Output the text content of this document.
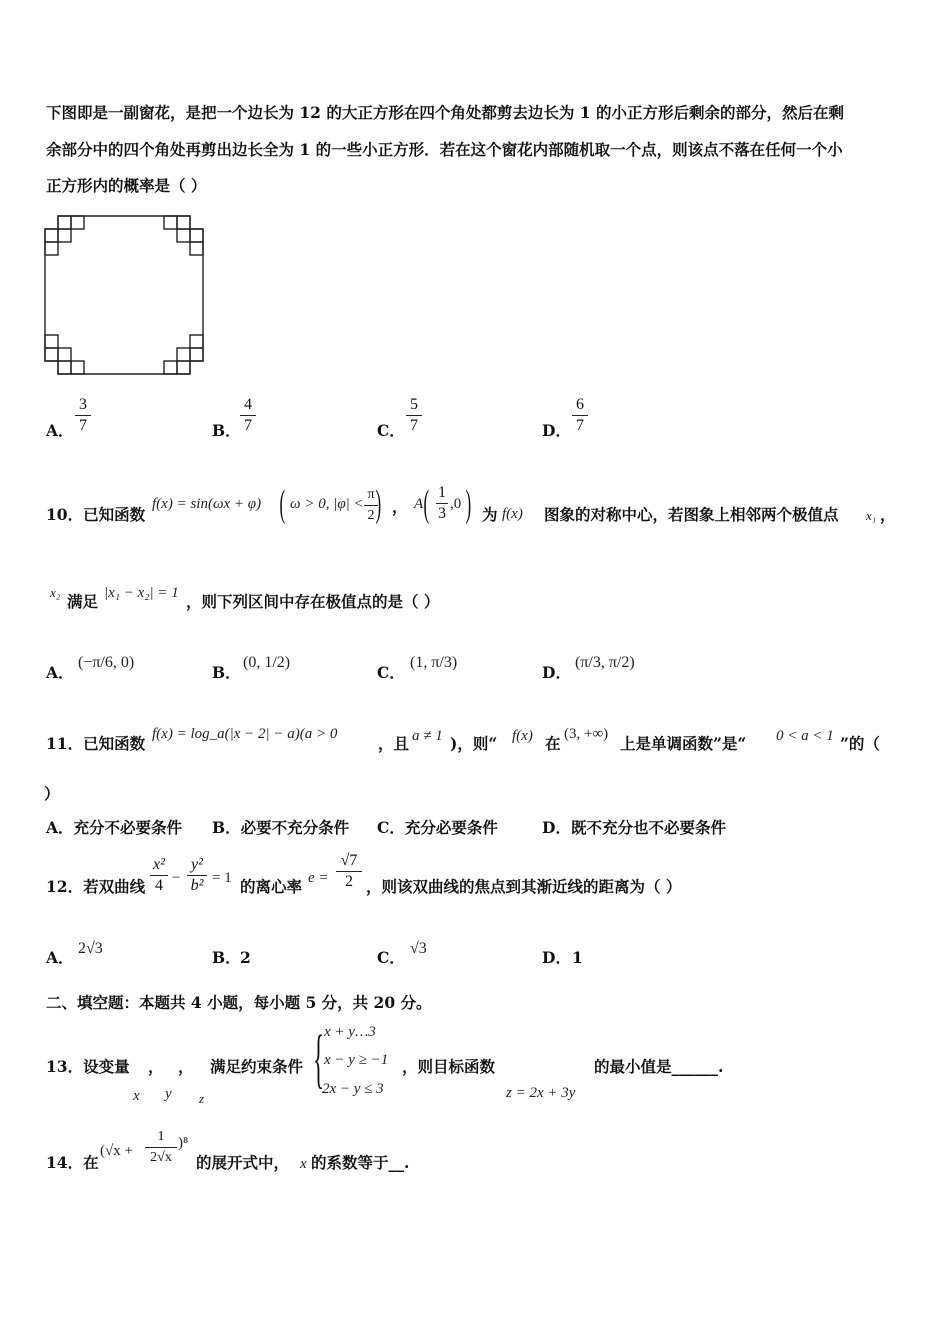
下图即是一副窗花，是把一个边长为 12 的大正方形在四个角处都剪去边长为 1 的小正方形后剩余的部分，然后在剩
余部分中的四个角处再剪出边长全为 1 的一些小正方形．若在这个窗花内部随机取一个点，则该点不落在任何一个小
正方形内的概率是（ ）
A．
3
7	B．
4
7	C．
5
7	D．
6
7
10．已知函数
f(x) = sin(ωx + φ) ( ω > 0, |φ| <
π
2 ) ， A ( 1
3
,0 ) 为 f(x) 图象的对称中心，若图象上相邻两个极值点 x₁ ，
x₂ 满足 |x₁ − x₂| = 1 ，则下列区间中存在极值点的是（ ）
A．
(−π/6, 0)
B．
(0, 1/2)
C．
(1, π/3)
D．
(π/3, π/2)
11．已知函数 f(x) = log_a(|x − 2| − a)(a > 0	，且 a ≠ 1 )，则“ f(x) 在 (3, +∞) 上是单调函数”是“ 0 < a < 1 ”的（
）
A．充分不必要条件 B．必要不充分条件 C．充分必要条件	D．既不充分也不必要条件
12．若双曲线
x²
4 −
y²
b² = 1 的离心率 e =
√7
2 ，则该双曲线的焦点到其渐近线的距离为（ ）
A． 2√3	B． 2	C． √3	D． 1
二、填空题：本题共 4 小题，每小题 5 分，共 20 分。
13．设变量 ， ， 满足约束条件
x y z
{ x + y…3
x − y ≥ −1
2x − y ≤ 3
，则目标函数	的最小值是______.
z = 2x + 3y
14．在
(√x +
1
2√x
)⁸
的展开式中， x 的系数等于__.
